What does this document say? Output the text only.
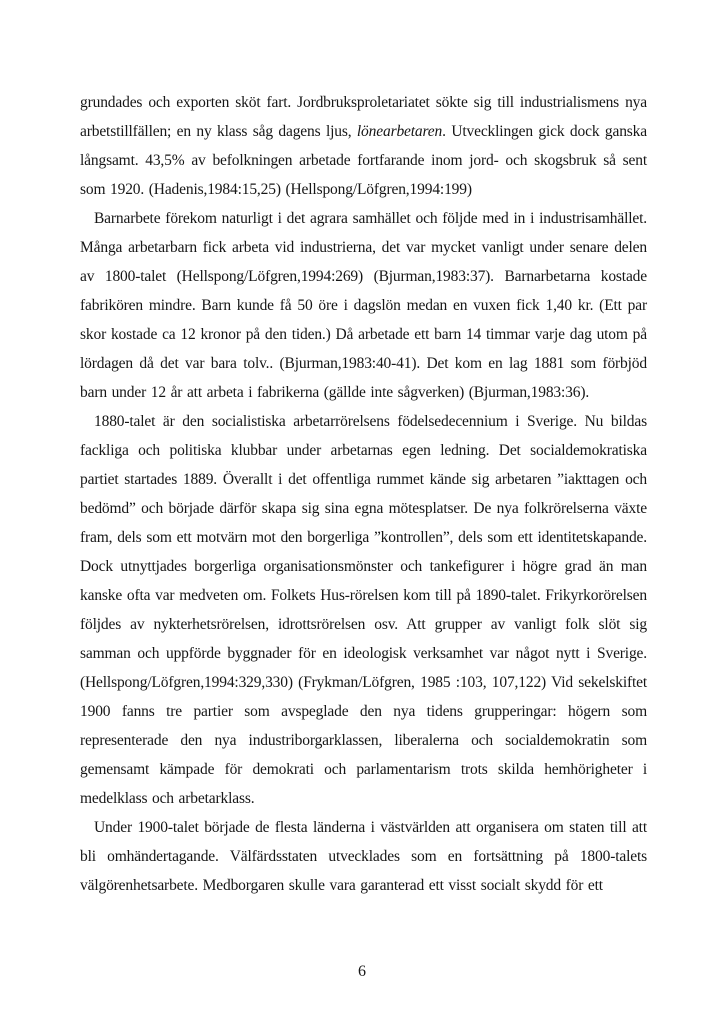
grundades och exporten sköt fart. Jordbruksproletariatet sökte sig till industrialismens nya arbetstillfällen; en ny klass såg dagens ljus, lönearbetaren. Utvecklingen gick dock ganska långsamt. 43,5% av befolkningen arbetade fortfarande inom jord- och skogsbruk så sent som 1920. (Hadenis,1984:15,25) (Hellspong/Löfgren,1994:199)

Barnarbete förekom naturligt i det agrara samhället och följde med in i industrisamhället. Många arbetarbarn fick arbeta vid industrierna, det var mycket vanligt under senare delen av 1800-talet (Hellspong/Löfgren,1994:269) (Bjurman,1983:37). Barnarbetarna kostade fabrikören mindre. Barn kunde få 50 öre i dagslön medan en vuxen fick 1,40 kr. (Ett par skor kostade ca 12 kronor på den tiden.) Då arbetade ett barn 14 timmar varje dag utom på lördagen då det var bara tolv.. (Bjurman,1983:40-41). Det kom en lag 1881 som förbjöd barn under 12 år att arbeta i fabrikerna (gällde inte sågverken) (Bjurman,1983:36).

1880-talet är den socialistiska arbetarrörelsens födelsedecennium i Sverige. Nu bildas fackliga och politiska klubbar under arbetarnas egen ledning. Det socialdemokratiska partiet startades 1889. Överallt i det offentliga rummet kände sig arbetaren ”iakttagen och bedömd” och började därför skapa sig sina egna mötesplatser. De nya folkrörelserna växte fram, dels som ett motvärn mot den borgerliga ”kontrollen”, dels som ett identitetskapande. Dock utnyttjades borgerliga organisationsmönster och tankefigurer i högre grad än man kanske ofta var medveten om. Folkets Hus-rörelsen kom till på 1890-talet. Frikyrkorörelsen följdes av nykterhetsrörelsen, idrottsrörelsen osv. Att grupper av vanligt folk slöt sig samman och uppförde byggnader för en ideologisk verksamhet var något nytt i Sverige. (Hellspong/Löfgren,1994:329,330) (Frykman/Löfgren, 1985 :103, 107,122) Vid sekelskiftet 1900 fanns tre partier som avspeglade den nya tidens grupperingar: högern som representerade den nya industriborgarklassen, liberalerna och socialdemokratin som gemensamt kämpade för demokrati och parlamentarism trots skilda hemhörigheter i medelklass och arbetarklass.

Under 1900-talet började de flesta länderna i västvärlden att organisera om staten till att bli omhändertagande. Välfärdsstaten utvecklades som en fortsättning på 1800-talets välgörenhetsarbete. Medborgaren skulle vara garanterad ett visst socialt skydd för ett

6
